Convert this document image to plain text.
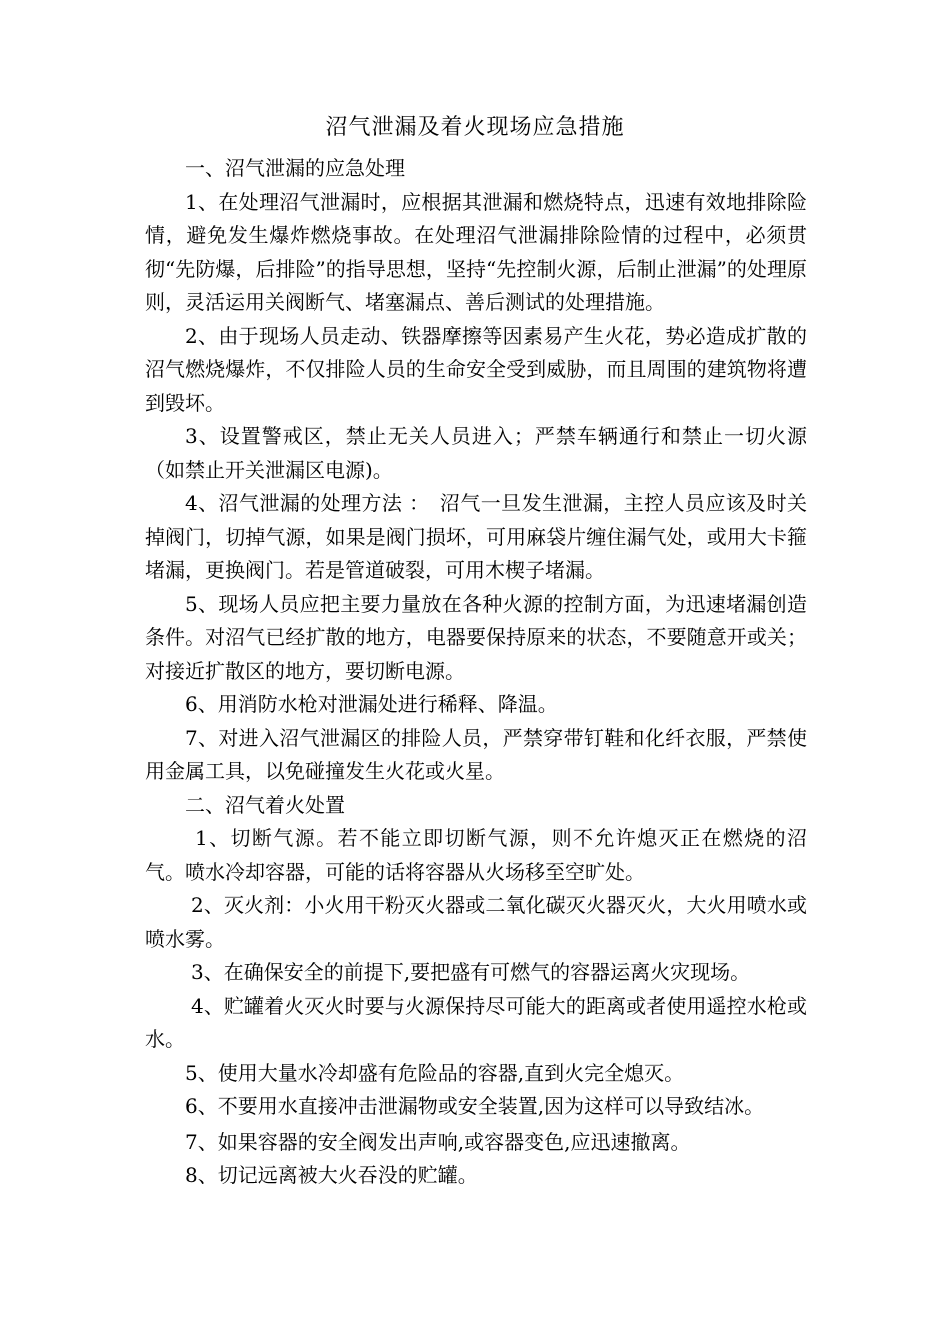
沼气泄漏及着火现场应急措施

一、沼气泄漏的应急处理

1、在处理沼气泄漏时，应根据其泄漏和燃烧特点，迅速有效地排除险情，避免发生爆炸燃烧事故。在处理沼气泄漏排除险情的过程中，必须贯彻“先防爆，后排险”的指导思想，坚持“先控制火源，后制止泄漏”的处理原则，灵活运用关阀断气、堵塞漏点、善后测试的处理措施。

2、由于现场人员走动、铁器摩擦等因素易产生火花，势必造成扩散的沼气燃烧爆炸，不仅排险人员的生命安全受到威胁，而且周围的建筑物将遭到毁坏。

3、设置警戒区，禁止无关人员进入；严禁车辆通行和禁止一切火源（如禁止开关泄漏区电源)。

4、沼气泄漏的处理方法 ：　沼气一旦发生泄漏，主控人员应该及时关掉阀门，切掉气源，如果是阀门损坏，可用麻袋片缠住漏气处，或用大卡箍堵漏，更换阀门。若是管道破裂，可用木楔子堵漏。

5、现场人员应把主要力量放在各种火源的控制方面，为迅速堵漏创造条件。对沼气已经扩散的地方，电器要保持原来的状态，不要随意开或关；对接近扩散区的地方，要切断电源。

6、用消防水枪对泄漏处进行稀释、降温。

7、对进入沼气泄漏区的排险人员，严禁穿带钉鞋和化纤衣服，严禁使用金属工具，以免碰撞发生火花或火星。

二、沼气着火处置

1、切断气源。若不能立即切断气源，则不允许熄灭正在燃烧的沼气。喷水冷却容器，可能的话将容器从火场移至空旷处。

2、灭火剂：小火用干粉灭火器或二氧化碳灭火器灭火，大火用喷水或喷水雾。

3、在确保安全的前提下,要把盛有可燃气的容器运离火灾现场。

4、贮罐着火灭火时要与火源保持尽可能大的距离或者使用遥控水枪或水。

5、使用大量水冷却盛有危险品的容器,直到火完全熄灭。

6、不要用水直接冲击泄漏物或安全装置,因为这样可以导致结冰。

7、如果容器的安全阀发出声响,或容器变色,应迅速撤离。

8、切记远离被大火吞没的贮罐。
